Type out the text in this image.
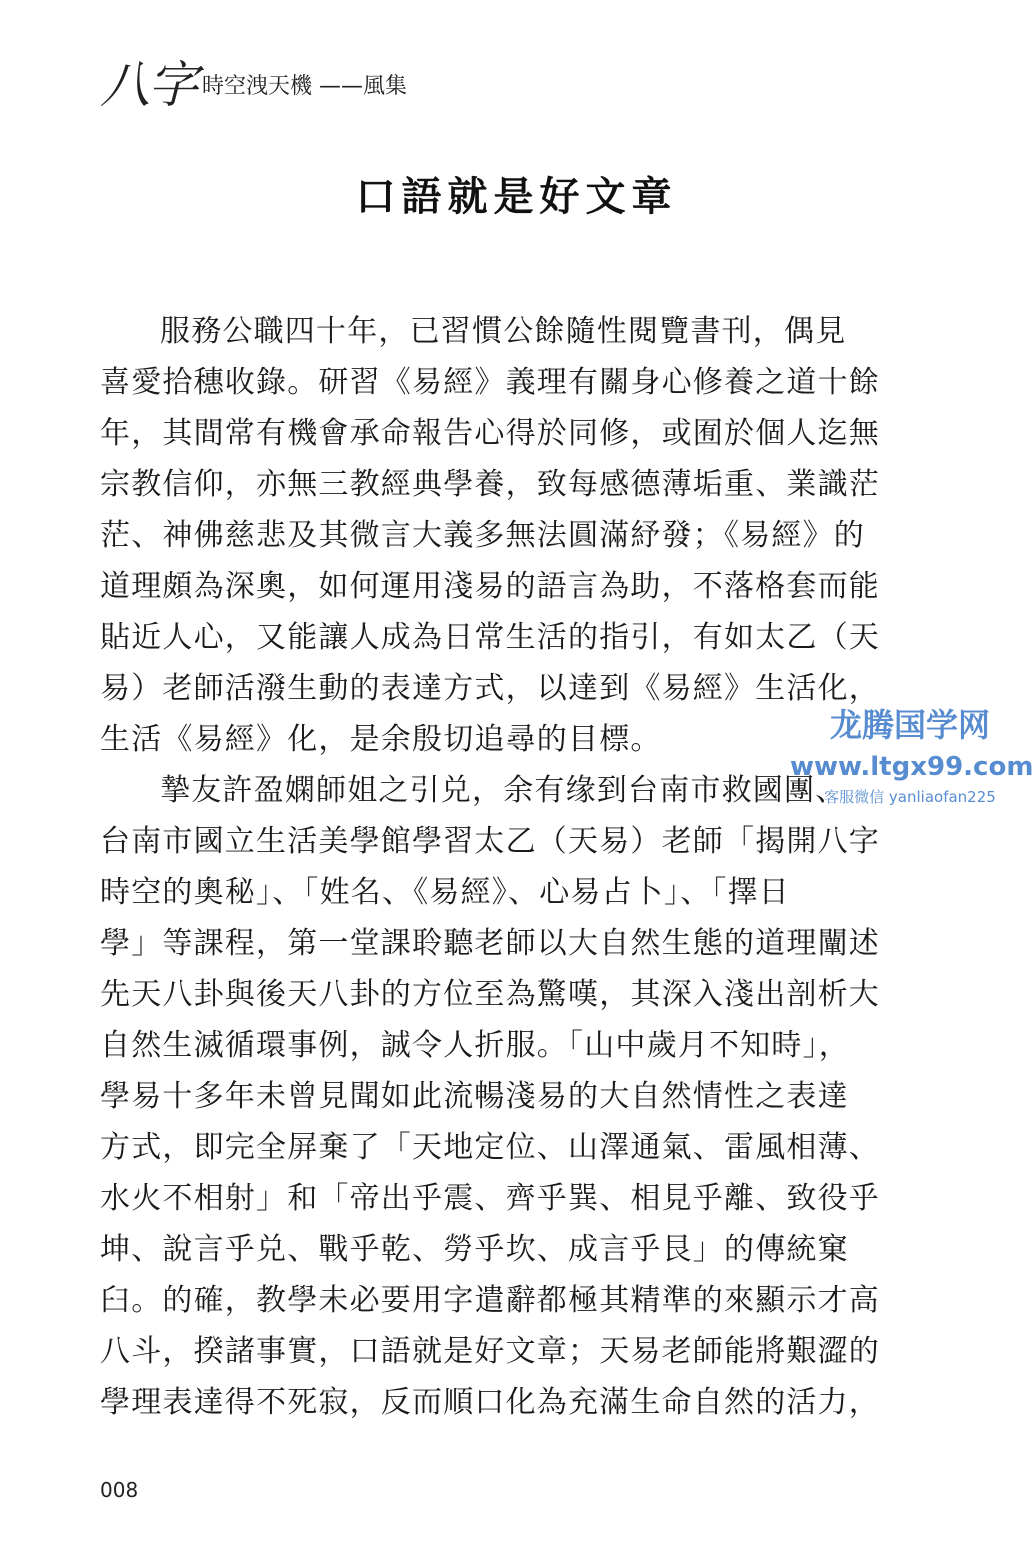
八字 時空洩天機 ——風集
口語就是好文章
服務公職四十年，已習慣公餘隨性閱覽書刊，偶見
喜愛拾穗收錄。研習《易經》義理有關身心修養之道十餘
年，其間常有機會承命報告心得於同修，或囿於個人迄無
宗教信仰，亦無三教經典學養，致每感德薄垢重、業識茫
茫、神佛慈悲及其微言大義多無法圓滿紓發；《易經》的
道理頗為深奧，如何運用淺易的語言為助，不落格套而能
貼近人心，又能讓人成為日常生活的指引，有如太乙（天
易）老師活潑生動的表達方式，以達到《易經》生活化，
生活《易經》化，是余殷切追尋的目標。
摯友許盈嫻師姐之引兑，余有缘到台南市救國團、
台南市國立生活美學館學習太乙（天易）老師「揭開八字
時空的奧秘」、「姓名、《易經》、心易占卜」、「擇日
學」等課程，第一堂課聆聽老師以大自然生態的道理闡述
先天八卦與後天八卦的方位至為驚嘆，其深入淺出剖析大
自然生滅循環事例，誠令人折服。「山中歲月不知時」，
學易十多年未曾見聞如此流暢淺易的大自然情性之表達
方式，即完全屏棄了「天地定位、山澤通氣、雷風相薄、
水火不相射」和「帝出乎震、齊乎巽、相見乎離、致役乎
坤、說言乎兑、戰乎乾、勞乎坎、成言乎艮」的傳統窠
臼。的確，教學未必要用字遣辭都極其精準的來顯示才高
八斗，揆諸事實，口語就是好文章；天易老師能將艱澀的
學理表達得不死寂，反而順口化為充滿生命自然的活力，
龙腾国学网
www.ltgx99.com
客服微信 yanliaofan225
008
